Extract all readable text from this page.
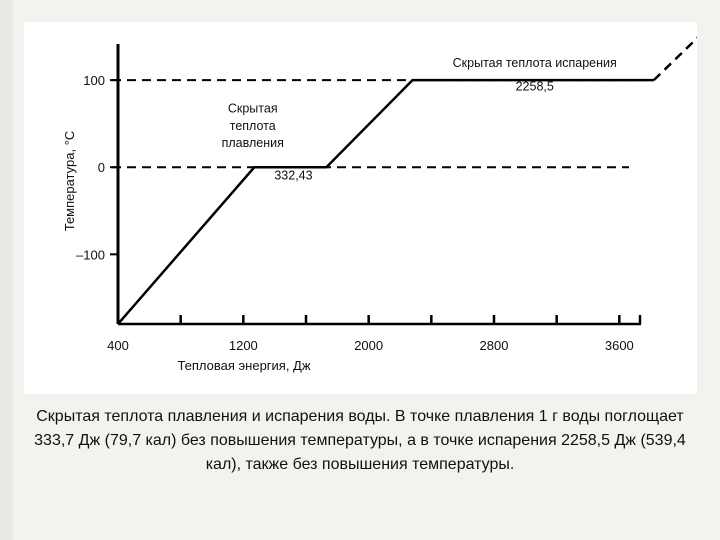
400	1200	2000	2800	3600
100
0
–100
Скрытая
теплота
плавления
332,43
Скрытая теплота испарения
2258,5
Тепловая энергия, Дж
Температура, °С
Скрытая теплота плавления и испарения воды. В точке плавления 1 г воды поглощает 333,7 Дж (79,7 кал) без повышения температуры, а в точке испарения 2258,5 Дж (539,4 кал), также без повышения температуры.
